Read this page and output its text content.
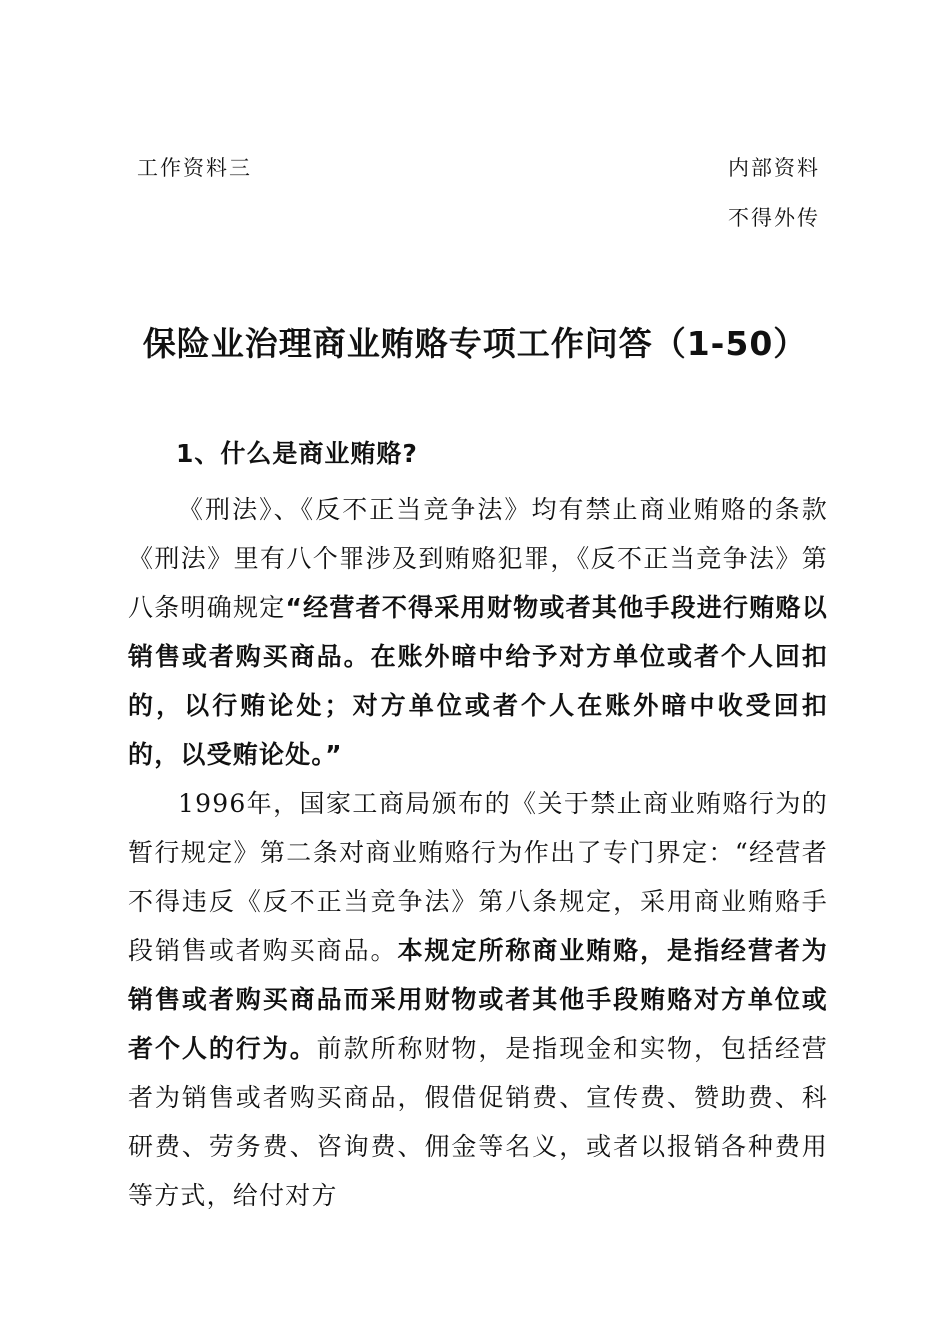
工作资料三	内部资料
不得外传
保险业治理商业贿赂专项工作问答（1-50）
1、什么是商业贿赂?

《刑法》、《反不正当竞争法》均有禁止商业贿赂的条款《刑法》里有八个罪涉及到贿赂犯罪，《反不正当竞争法》第八条明确规定“经营者不得采用财物或者其他手段进行贿赂以销售或者购买商品。在账外暗中给予对方单位或者个人回扣的，以行贿论处；对方单位或者个人在账外暗中收受回扣的，以受贿论处。”

1996年，国家工商局颁布的《关于禁止商业贿赂行为的暂行规定》第二条对商业贿赂行为作出了专门界定：“经营者不得违反《反不正当竞争法》第八条规定，采用商业贿赂手段销售或者购买商品。本规定所称商业贿赂，是指经营者为销售或者购买商品而采用财物或者其他手段贿赂对方单位或者个人的行为。前款所称财物，是指现金和实物，包括经营者为销售或者购买商品，假借促销费、宣传费、赞助费、科研费、劳务费、咨询费、佣金等名义，或者以报销各种费用等方式，给付对方
